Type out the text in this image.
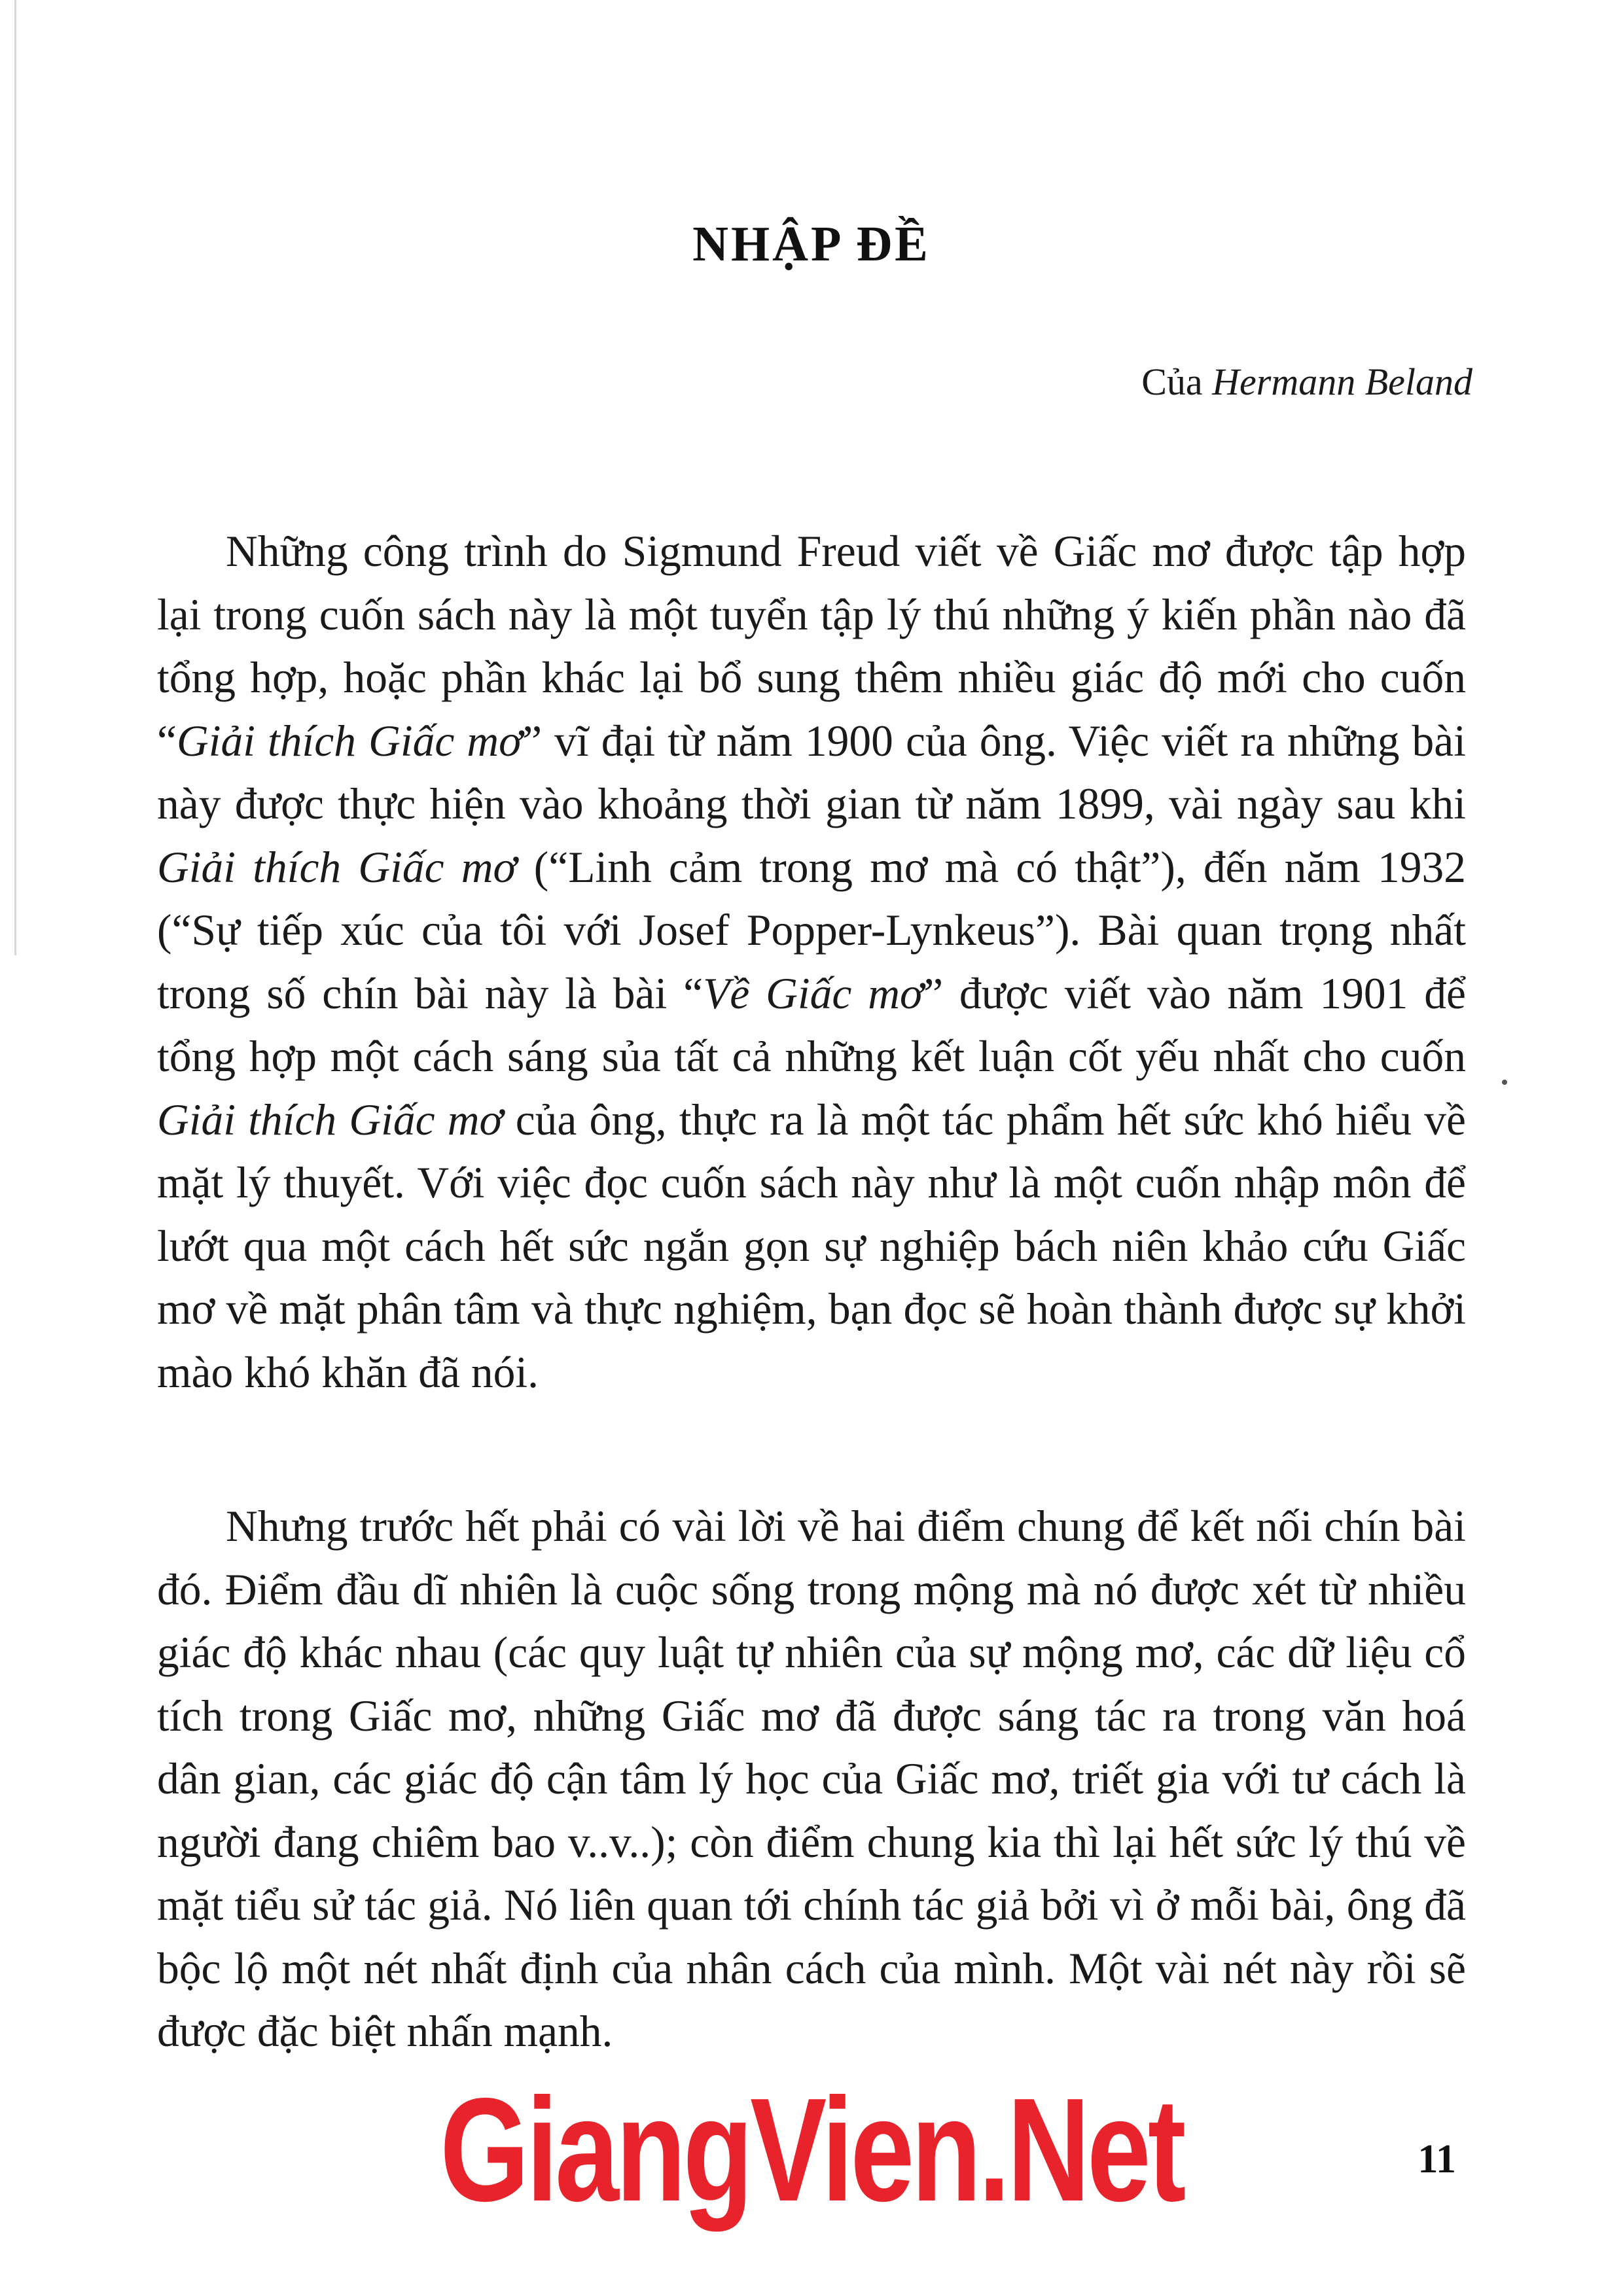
NHẬP ĐỀ
Của Hermann Beland

Những công trình do Sigmund Freud viết về Giấc mơ được tập hợp lại trong cuốn sách này là một tuyển tập lý thú những ý kiến phần nào đã tổng hợp, hoặc phần khác lại bổ sung thêm nhiều giác độ mới cho cuốn “Giải thích Giấc mơ” vĩ đại từ năm 1900 của ông. Việc viết ra những bài này được thực hiện vào khoảng thời gian từ năm 1899, vài ngày sau khi Giải thích Giấc mơ (“Linh cảm trong mơ mà có thật”), đến năm 1932 (“Sự tiếp xúc của tôi với Josef Popper-Lynkeus”). Bài quan trọng nhất trong số chín bài này là bài “Về Giấc mơ” được viết vào năm 1901 để tổng hợp một cách sáng sủa tất cả những kết luận cốt yếu nhất cho cuốn Giải thích Giấc mơ của ông, thực ra là một tác phẩm hết sức khó hiểu về mặt lý thuyết. Với việc đọc cuốn sách này như là một cuốn nhập môn để lướt qua một cách hết sức ngắn gọn sự nghiệp bách niên khảo cứu Giấc mơ về mặt phân tâm và thực nghiệm, bạn đọc sẽ hoàn thành được sự khởi mào khó khăn đã nói.

Nhưng trước hết phải có vài lời về hai điểm chung để kết nối chín bài đó. Điểm đầu dĩ nhiên là cuộc sống trong mộng mà nó được xét từ nhiều giác độ khác nhau (các quy luật tự nhiên của sự mộng mơ, các dữ liệu cổ tích trong Giấc mơ, những Giấc mơ đã được sáng tác ra trong văn hoá dân gian, các giác độ cận tâm lý học của Giấc mơ, triết gia với tư cách là người đang chiêm bao v..v..); còn điểm chung kia thì lại hết sức lý thú về mặt tiểu sử tác giả. Nó liên quan tới chính tác giả bởi vì ở mỗi bài, ông đã bộc lộ một nét nhất định của nhân cách của mình. Một vài nét này rồi sẽ được đặc biệt nhấn mạnh.

GiangVien.Net	11
